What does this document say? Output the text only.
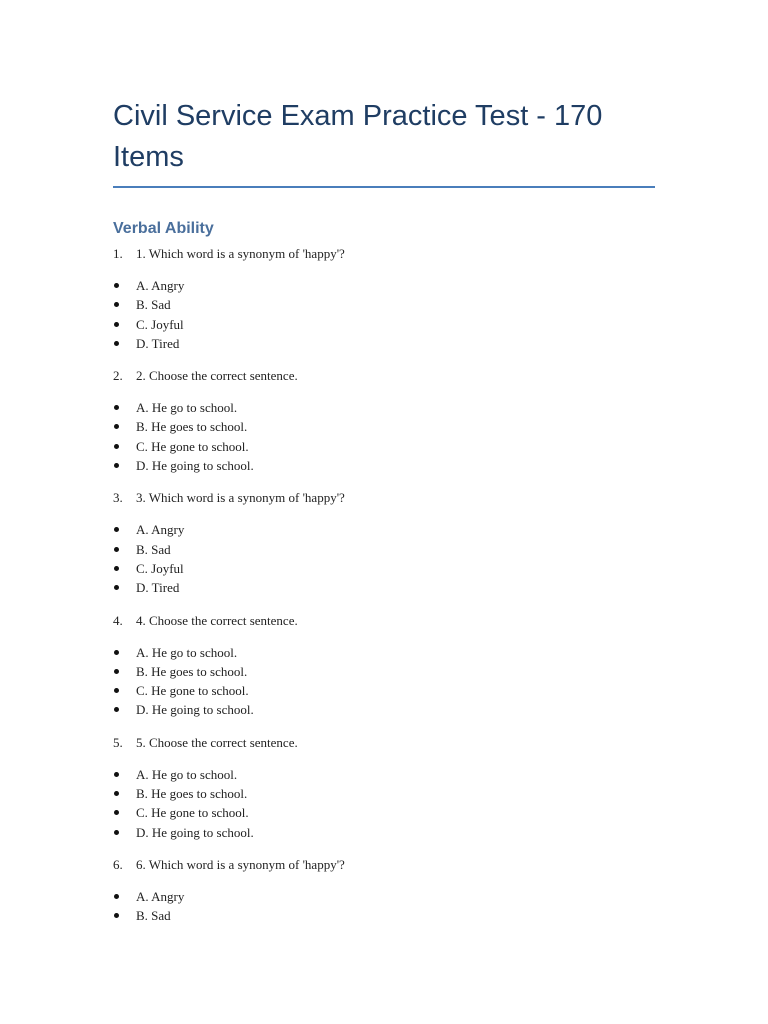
Civil Service Exam Practice Test - 170 Items
Verbal Ability
1.	1. Which word is a synonym of 'happy'?
A. Angry
B. Sad
C. Joyful
D. Tired
2.	2. Choose the correct sentence.
A. He go to school.
B. He goes to school.
C. He gone to school.
D. He going to school.
3.	3. Which word is a synonym of 'happy'?
A. Angry
B. Sad
C. Joyful
D. Tired
4.	4. Choose the correct sentence.
A. He go to school.
B. He goes to school.
C. He gone to school.
D. He going to school.
5.	5. Choose the correct sentence.
A. He go to school.
B. He goes to school.
C. He gone to school.
D. He going to school.
6.	6. Which word is a synonym of 'happy'?
A. Angry
B. Sad
